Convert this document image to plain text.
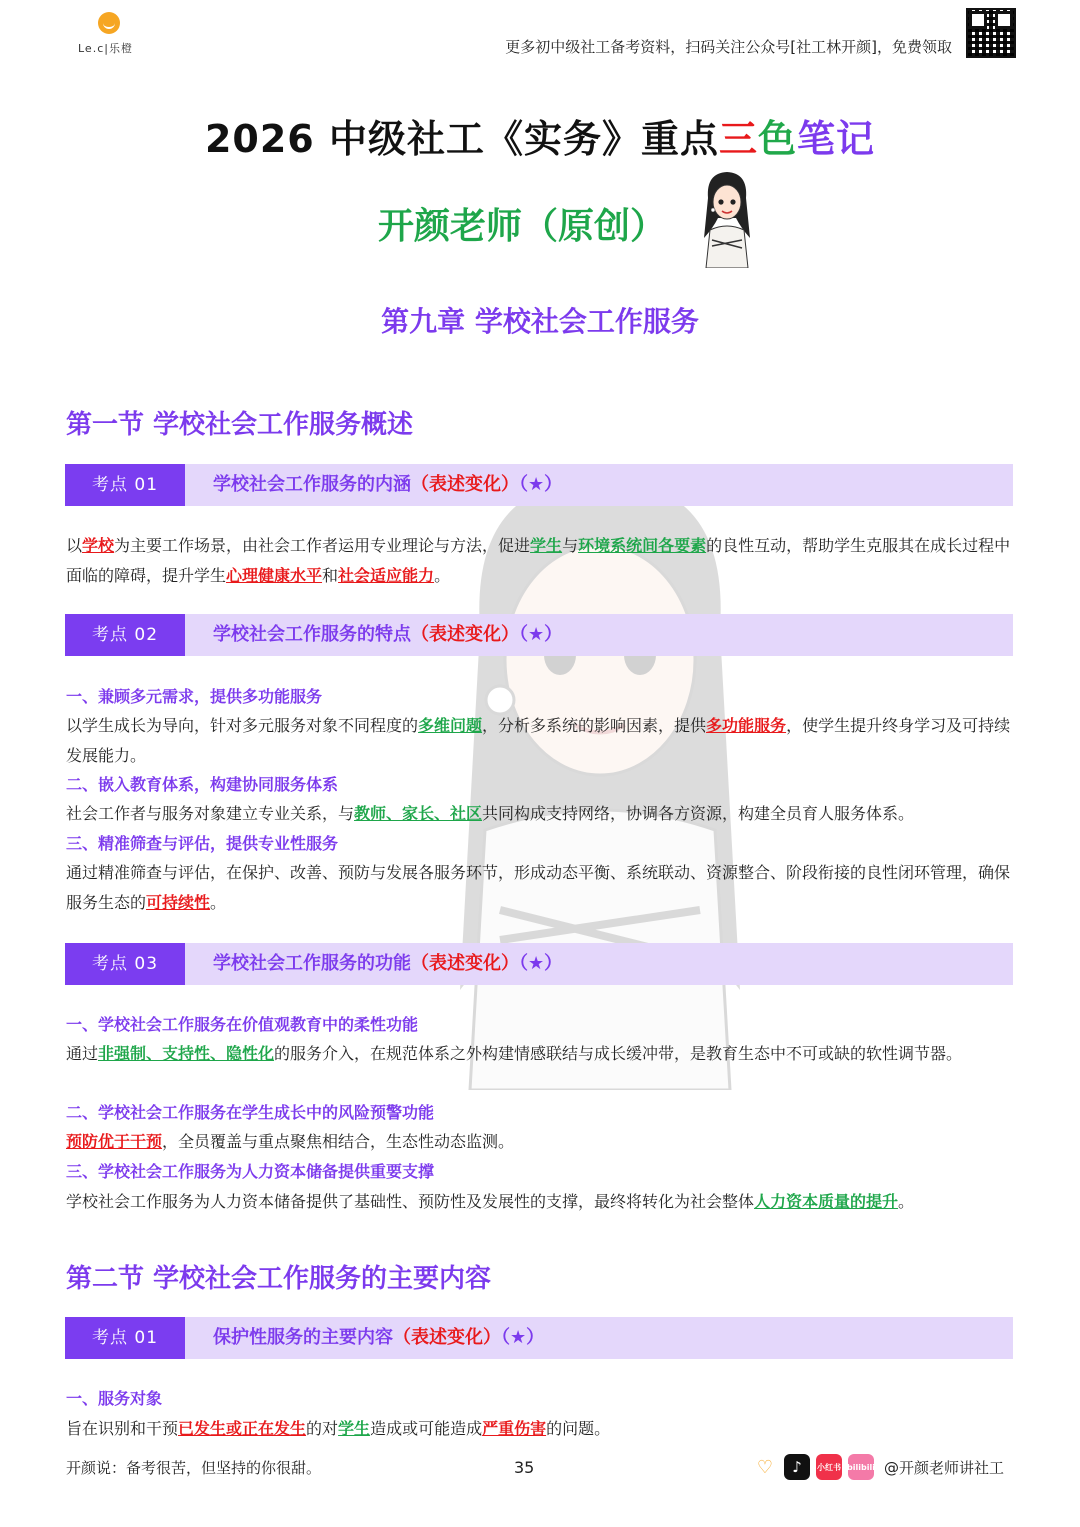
Le.c|乐橙	更多初中级社工备考资料，扫码关注公众号[社工林开颜]，免费领取
2026 中级社工《实务》重点三色笔记
开颜老师（原创）
第九章 学校社会工作服务
第一节 学校社会工作服务概述
考点 01	学校社会工作服务的内涵（表述变化）（★）
以学校为主要工作场景，由社会工作者运用专业理论与方法，促进学生与环境系统间各要素的良性互动，帮助学生克服其在成长过程中面临的障碍，提升学生心理健康水平和社会适应能力。
考点 02	学校社会工作服务的特点（表述变化）（★）
一、兼顾多元需求，提供多功能服务
以学生成长为导向，针对多元服务对象不同程度的多维问题，分析多系统的影响因素，提供多功能服务，使学生提升终身学习及可持续发展能力。
二、嵌入教育体系，构建协同服务体系
社会工作者与服务对象建立专业关系，与教师、家长、社区共同构成支持网络，协调各方资源，构建全员育人服务体系。
三、精准筛查与评估，提供专业性服务
通过精准筛查与评估，在保护、改善、预防与发展各服务环节，形成动态平衡、系统联动、资源整合、阶段衔接的良性闭环管理，确保服务生态的可持续性。
考点 03	学校社会工作服务的功能（表述变化）（★）
一、学校社会工作服务在价值观教育中的柔性功能
通过非强制、支持性、隐性化的服务介入，在规范体系之外构建情感联结与成长缓冲带，是教育生态中不可或缺的软性调节器。
二、学校社会工作服务在学生成长中的风险预警功能
预防优于干预，全员覆盖与重点聚焦相结合，生态性动态监测。
三、学校社会工作服务为人力资本储备提供重要支撑
学校社会工作服务为人力资本储备提供了基础性、预防性及发展性的支撑，最终将转化为社会整体人力资本质量的提升。
第二节 学校社会工作服务的主要内容
考点 01	保护性服务的主要内容（表述变化）（★）
一、服务对象
旨在识别和干预已发生或正在发生的对学生造成或可能造成严重伤害的问题。
开颜说：备考很苦，但坚持的你很甜。	35	♡	♪	小红书 bilibili @开颜老师讲社工
